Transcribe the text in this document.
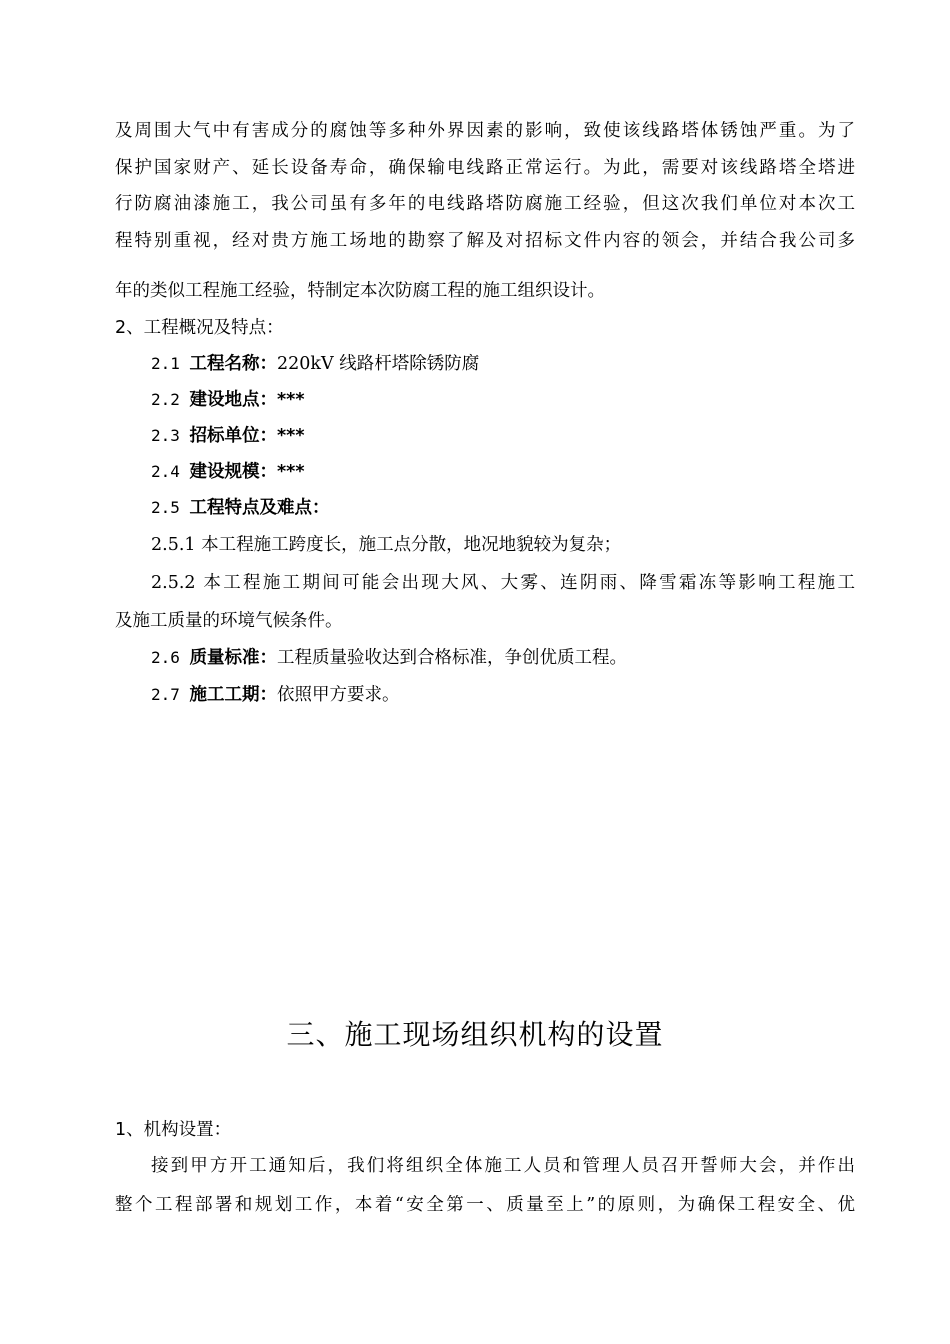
及周围大气中有害成分的腐蚀等多种外界因素的影响，致使该线路塔体锈蚀严重。为了
保护国家财产、延长设备寿命，确保输电线路正常运行。为此，需要对该线路塔全塔进
行防腐油漆施工，我公司虽有多年的电线路塔防腐施工经验，但这次我们单位对本次工
程特别重视，经对贵方施工场地的勘察了解及对招标文件内容的领会，并结合我公司多
年的类似工程施工经验，特制定本次防腐工程的施工组织设计。
2、工程概况及特点：
2.1 工程名称：220kV 线路杆塔除锈防腐
2.2 建设地点：***
2.3 招标单位：***
2.4 建设规模：***
2.5 工程特点及难点：
2.5.1 本工程施工跨度长，施工点分散，地况地貌较为复杂；
2.5.2 本工程施工期间可能会出现大风、大雾、连阴雨、降雪霜冻等影响工程施工
及施工质量的环境气候条件。
2.6 质量标准：工程质量验收达到合格标准，争创优质工程。
2.7 施工工期：依照甲方要求。
三、施工现场组织机构的设置
1、机构设置：
接到甲方开工通知后，我们将组织全体施工人员和管理人员召开誓师大会，并作出
整个工程部署和规划工作，本着“安全第一、质量至上”的原则，为确保工程安全、优
